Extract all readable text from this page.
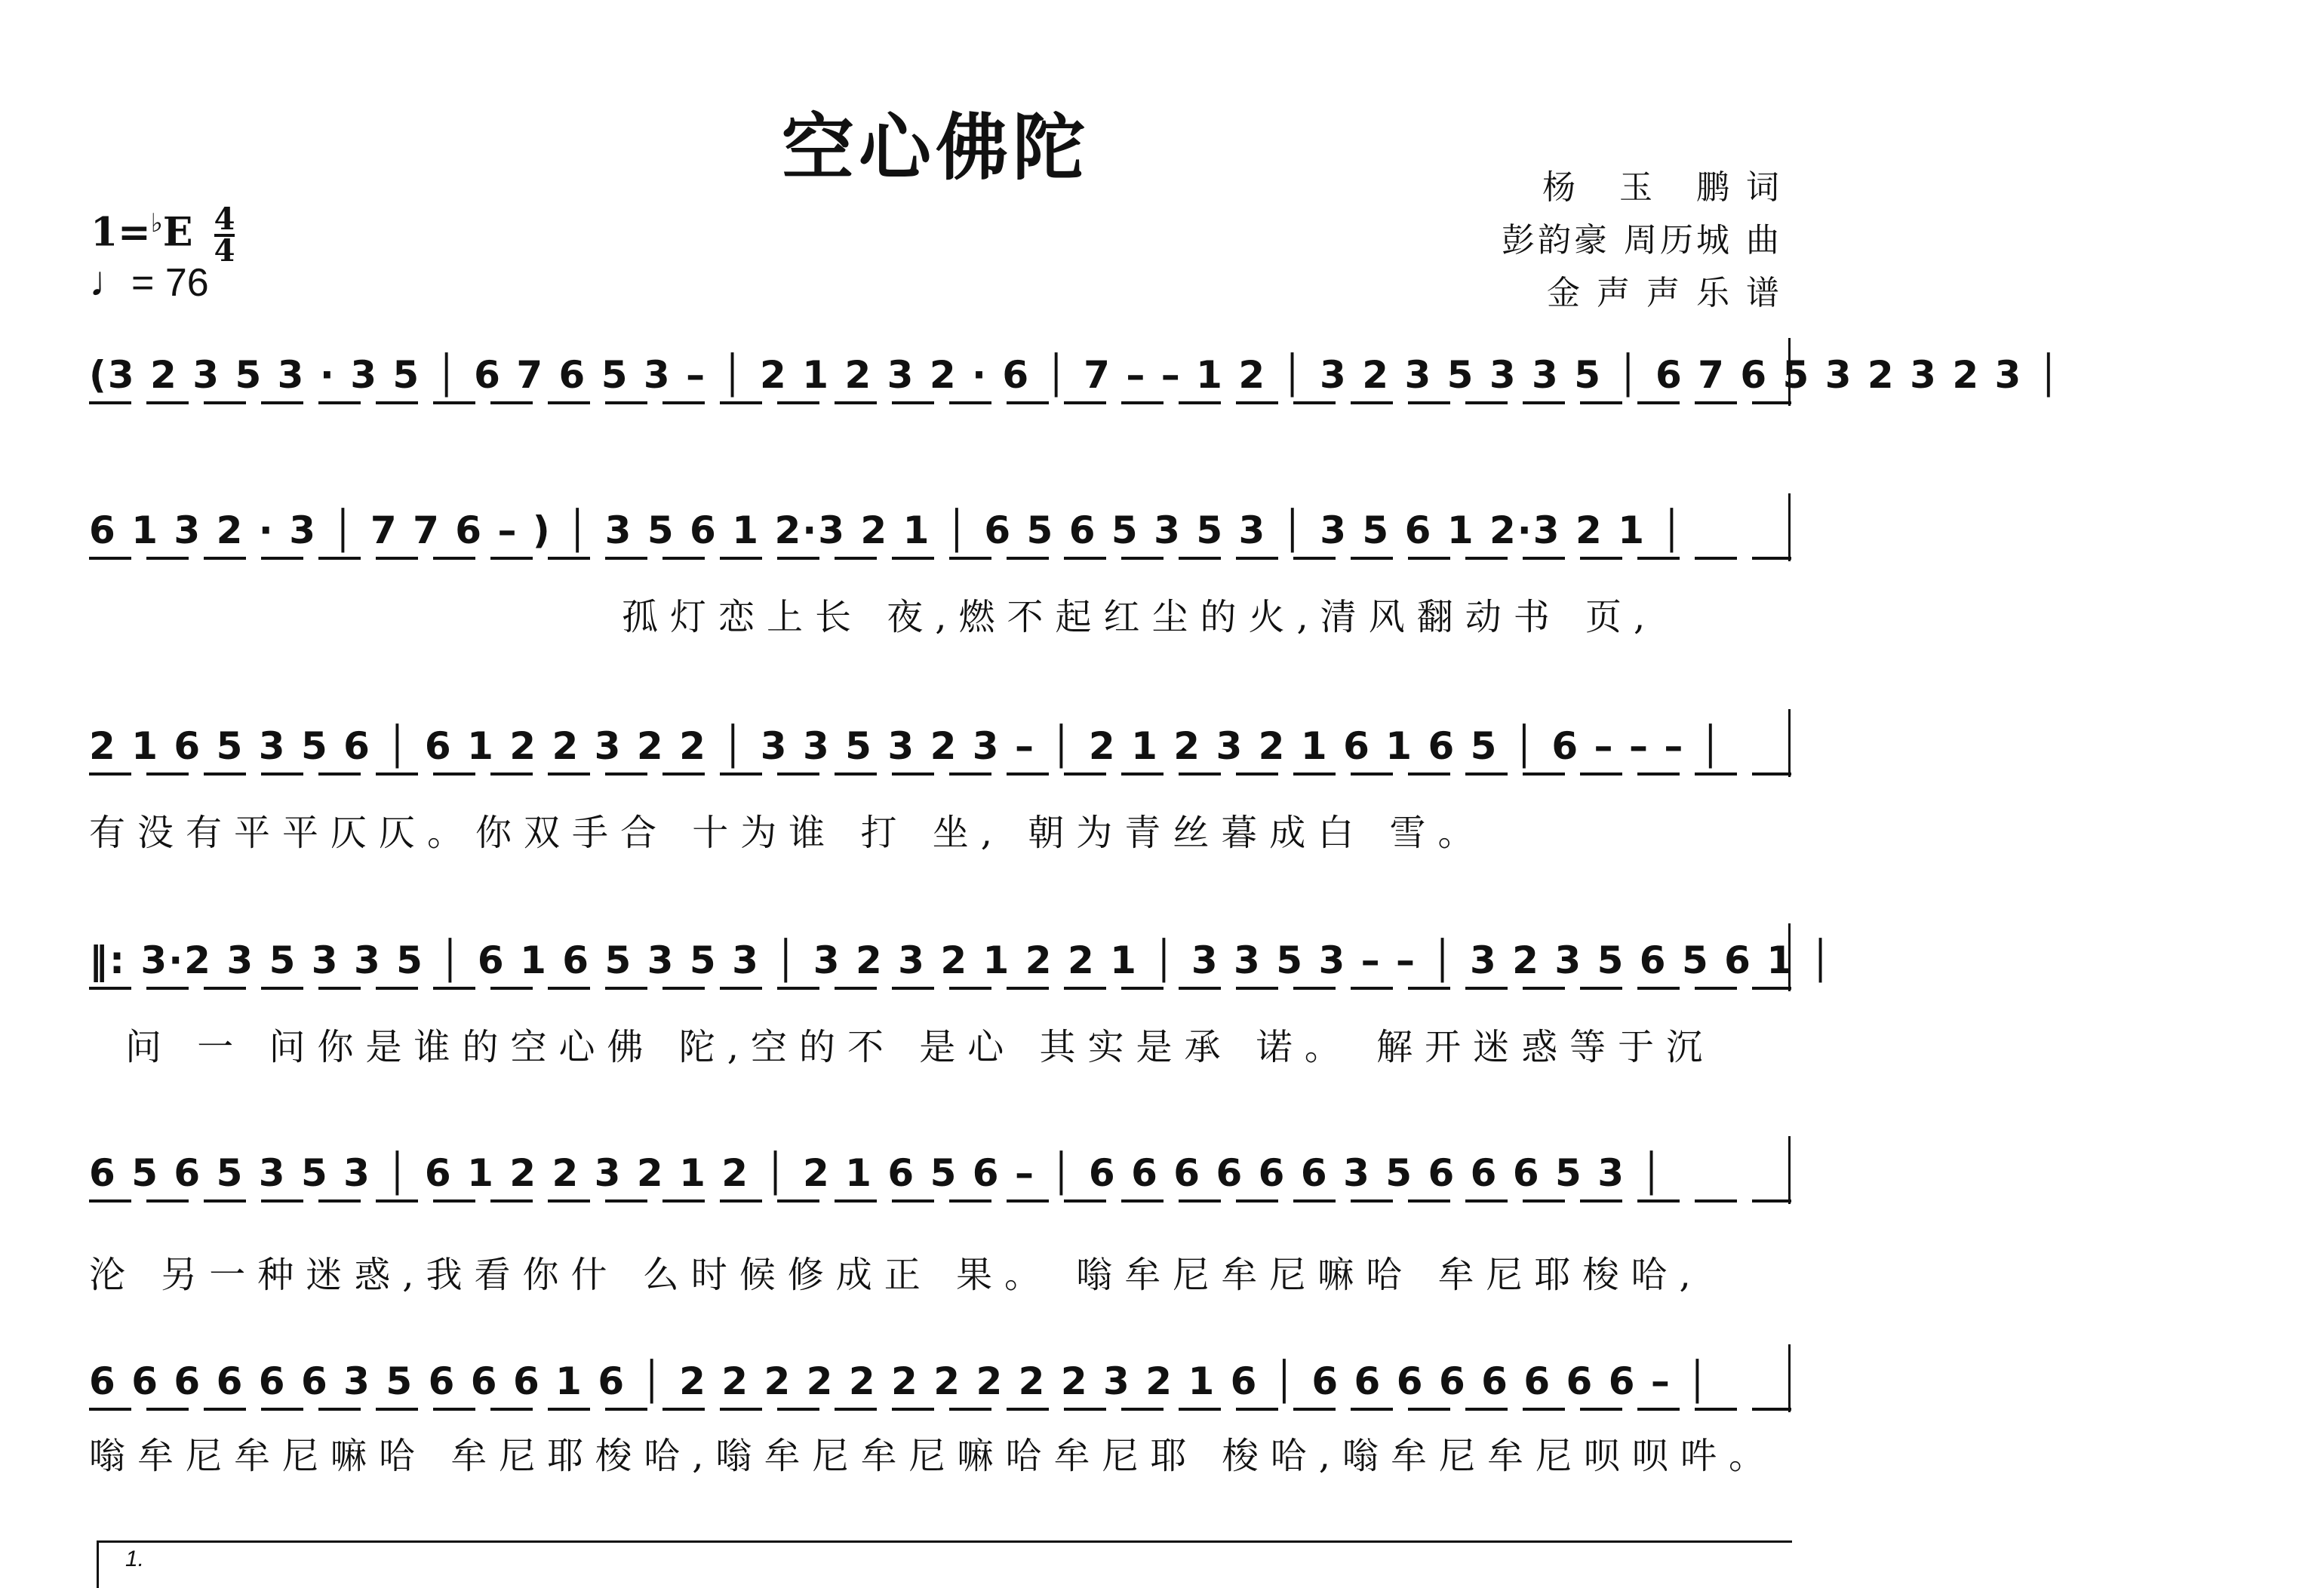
空心佛陀	杨   玉   鹏 词
彭韵豪 周历城 曲
金 声 声 乐 谱
$1=^♭E \frac{4}{4}$
♩= 76
(3 2 3 5 3 · 3 5 │ 6 7 6 5 3 – │ 2 1 2 3 2 · 6 │ 7 – – 1 2 │ 3 2 3 5 3 3 5 │ 6 7 6 5 3 2 3 2 3 │
6 1 3 2 · 3 │ 7 7 6 – ) │ 3 5 6 1 2·3 2 1 │ 6 5 6 5 3 5 3 │ 3 5 6 1 2·3 2 1 │
孤灯恋上长 夜,燃不起红尘的火,清风翻动书 页,
2 1 6 5 3 5 6 │ 6 1 2 2 3 2 2 │ 3 3 5 3 2 3 – │ 2 1 2 3 2 1 6 1 6 5 │ 6 – – – │
有没有平平仄仄。你双手合 十为谁 打 坐, 朝为青丝暮成白 雪。
‖: 3·2 3 5 3 3 5 │ 6 1 6 5 3 5 3 │ 3 2 3 2 1 2 2 1 │ 3 3 5 3 – – │ 3 2 3 5 6 5 6 1 │
问 一 问你是谁的空心佛 陀,空的不 是心 其实是承 诺。 解开迷惑等于沉
6 5 6 5 3 5 3 │ 6 1 2 2 3 2 1 2 │ 2 1 6 5 6 – │ 6 6 6 6 6 6 3 5 6 6 6 5 3 │
沦 另一种迷惑,我看你什 么时候修成正 果。 嗡牟尼牟尼嘛哈 牟尼耶梭哈,
6 6 6 6 6 6 3 5 6 6 6 1 6 │ 2 2 2 2 2 2 2 2 2 2 3 2 1 6 │ 6 6 6 6 6 6 6 6 – │
嗡牟尼牟尼嘛哈 牟尼耶梭哈,嗡牟尼牟尼嘛哈牟尼耶 梭哈,嗡牟尼牟尼呗呗吽。
1.
